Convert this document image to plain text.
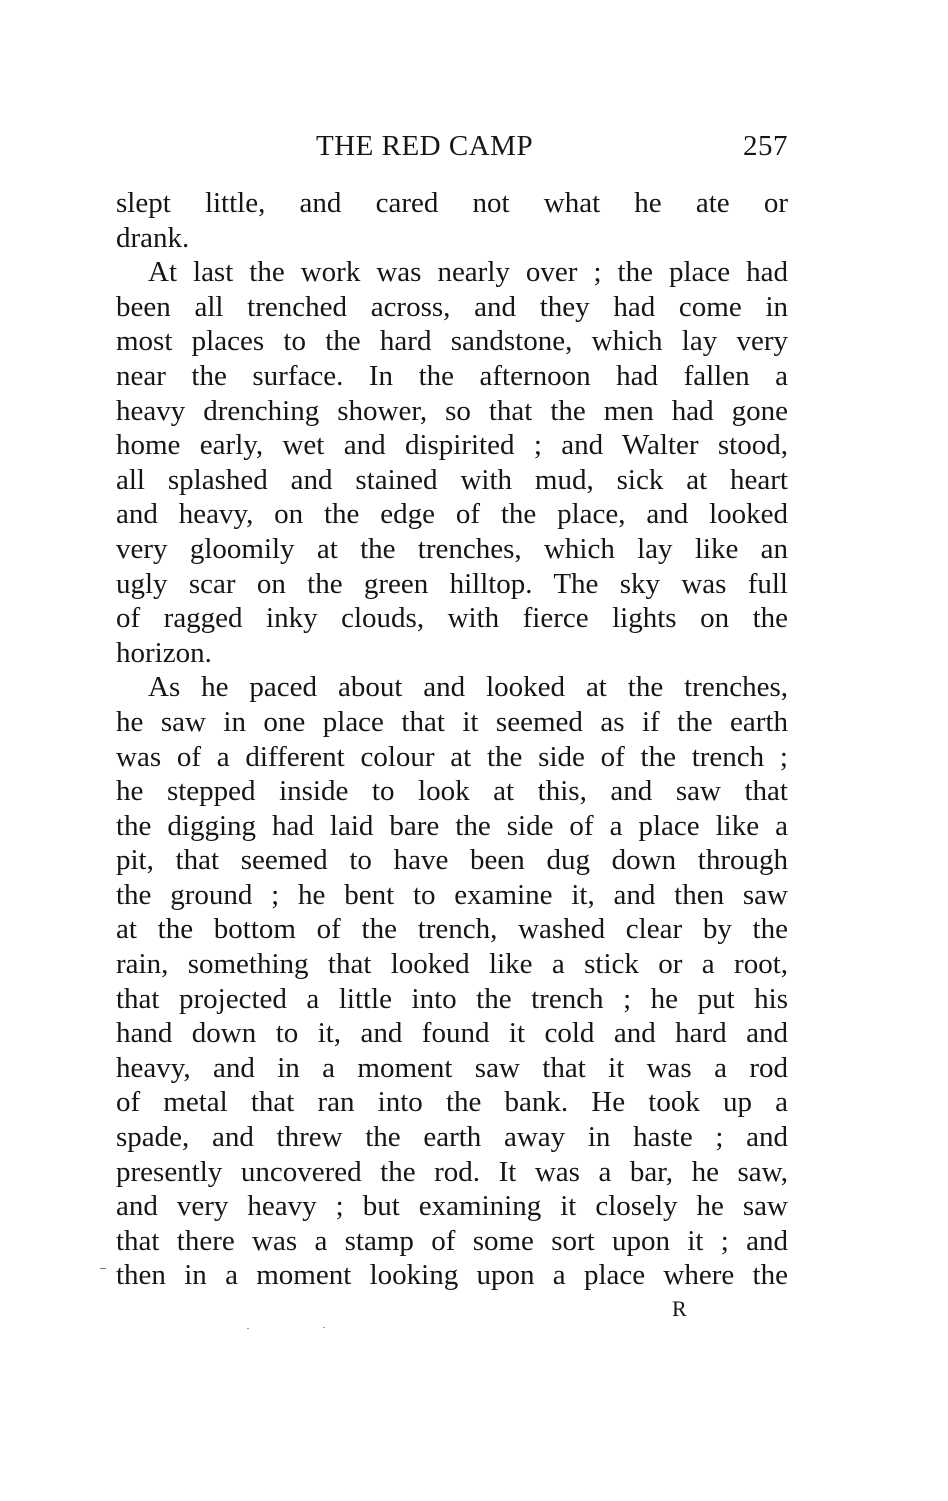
THE RED CAMP	257

slept little, and cared not what he ate or
drank.

At last the work was nearly over ; the place had
been all trenched across, and they had come in
most places to the hard sandstone, which lay very
near the surface. In the afternoon had fallen a
heavy drenching shower, so that the men had gone
home early, wet and dispirited ; and Walter stood,
all splashed and stained with mud, sick at heart
and heavy, on the edge of the place, and looked
very gloomily at the trenches, which lay like an
ugly scar on the green hilltop. The sky was full
of ragged inky clouds, with fierce lights on the
horizon.

As he paced about and looked at the trenches,
he saw in one place that it seemed as if the earth
was of a different colour at the side of the trench ;
he stepped inside to look at this, and saw that
the digging had laid bare the side of a place like a
pit, that seemed to have been dug down through
the ground ; he bent to examine it, and then saw
at the bottom of the trench, washed clear by the
rain, something that looked like a stick or a root,
that projected a little into the trench ; he put his
hand down to it, and found it cold and hard and
heavy, and in a moment saw that it was a rod
of metal that ran into the bank. He took up a
spade, and threw the earth away in haste ; and
presently uncovered the rod. It was a bar, he saw,
and very heavy ; but examining it closely he saw
that there was a stamp of some sort upon it ; and
then in a moment looking upon a place where the

R
